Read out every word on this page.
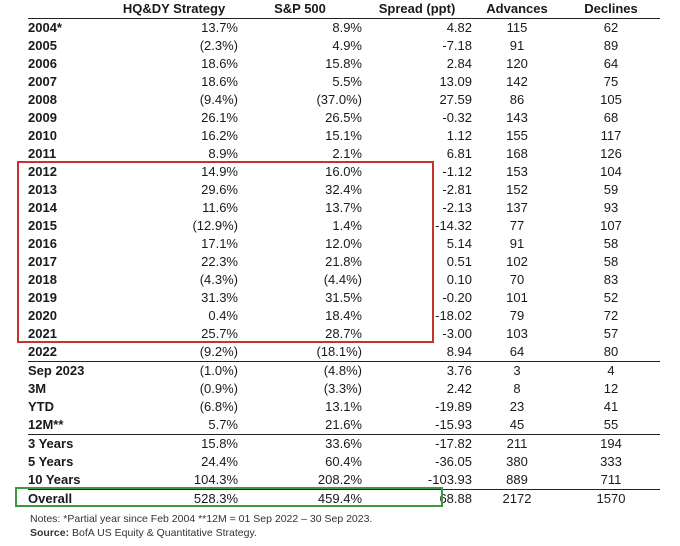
	HQ&DY Strategy	S&P 500	Spread (ppt)	Advances	Declines
2004*	13.7%	8.9%	4.82	115	62
2005	(2.3%)	4.9%	-7.18	91	89
2006	18.6%	15.8%	2.84	120	64
2007	18.6%	5.5%	13.09	142	75
2008	(9.4%)	(37.0%)	27.59	86	105
2009	26.1%	26.5%	-0.32	143	68
2010	16.2%	15.1%	1.12	155	117
2011	8.9%	2.1%	6.81	168	126
2012	14.9%	16.0%	-1.12	153	104
2013	29.6%	32.4%	-2.81	152	59
2014	11.6%	13.7%	-2.13	137	93
2015	(12.9%)	1.4%	-14.32	77	107
2016	17.1%	12.0%	5.14	91	58
2017	22.3%	21.8%	0.51	102	58
2018	(4.3%)	(4.4%)	0.10	70	83
2019	31.3%	31.5%	-0.20	101	52
2020	0.4%	18.4%	-18.02	79	72
2021	25.7%	28.7%	-3.00	103	57
2022	(9.2%)	(18.1%)	8.94	64	80
Sep 2023	(1.0%)	(4.8%)	3.76	3	4
3M	(0.9%)	(3.3%)	2.42	8	12
YTD	(6.8%)	13.1%	-19.89	23	41
12M**	5.7%	21.6%	-15.93	45	55
3 Years	15.8%	33.6%	-17.82	211	194
5 Years	24.4%	60.4%	-36.05	380	333
10 Years	104.3%	208.2%	-103.93	889	711
Overall	528.3%	459.4%	68.88	2172	1570
Notes: *Partial year since Feb 2004 **12M = 01 Sep 2022 – 30 Sep 2023.
Source: BofA US Equity & Quantitative Strategy.
